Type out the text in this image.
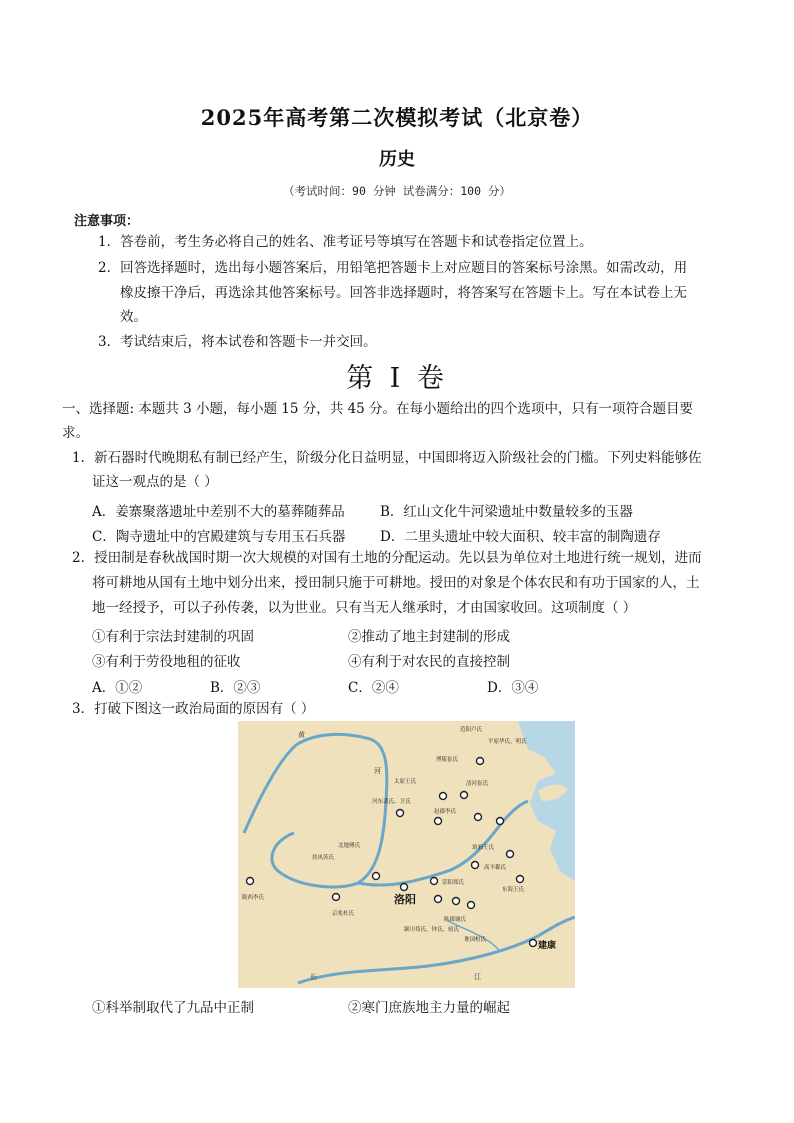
2025年高考第二次模拟考试（北京卷）
历史
（考试时间：90 分钟 试卷满分：100 分）
注意事项：
1．答卷前，考生务必将自己的姓名、准考证号等填写在答题卡和试卷指定位置上。
2．回答选择题时，选出每小题答案后，用铅笔把答题卡上对应题目的答案标号涂黑。如需改动，用
橡皮擦干净后，再选涂其他答案标号。回答非选择题时，将答案写在答题卡上。写在本试卷上无
效。
3．考试结束后，将本试卷和答题卡一并交回。
第 I 卷
一、选择题: 本题共 3 小题，每小题 15 分，共 45 分。在每小题给出的四个选项中，只有一项符合题目要
求。
1．新石器时代晚期私有制已经产生，阶级分化日益明显，中国即将迈入阶级社会的门槛。下列史料能够佐
证这一观点的是（ ）
A．姜寨聚落遗址中差别不大的墓葬随葬品	B．红山文化牛河梁遗址中数量较多的玉器
C．陶寺遗址中的宫殿建筑与专用玉石兵器	D．二里头遗址中较大面积、较丰富的制陶遗存
2．授田制是春秋战国时期一次大规模的对国有土地的分配运动。先以县为单位对土地进行统一规划，进而
将可耕地从国有土地中划分出来，授田制只施于可耕地。授田的对象是个体农民和有功于国家的人，土
地一经授予，可以子孙传袭，以为世业。只有当无人继承时，才由国家收回。这项制度（ ）
①有利于宗法封建制的巩固	②推动了地主封建制的形成
③有利于劳役地租的征收	④有利于对农民的直接控制
A．①②	B．②③	C．②④	D．③④
3．打破下图这一政治局面的原因有（ ）
黄
河
长	江
洛阳
建康
范阳卢氏
平原华氏、明氏
博陵崔氏
清河崔氏
太原王氏
赵郡李氏
河东裴氏、卫氏
北地傅氏
扶风苏氏
京兆杜氏
陇西李氏
琅邪王氏
高平郗氏
东海王氏
荥阳郑氏
颍川荀氏、钟氏、庾氏
陈郡谢氏
谯国桓氏
①科举制取代了九品中正制	②寒门庶族地主力量的崛起
